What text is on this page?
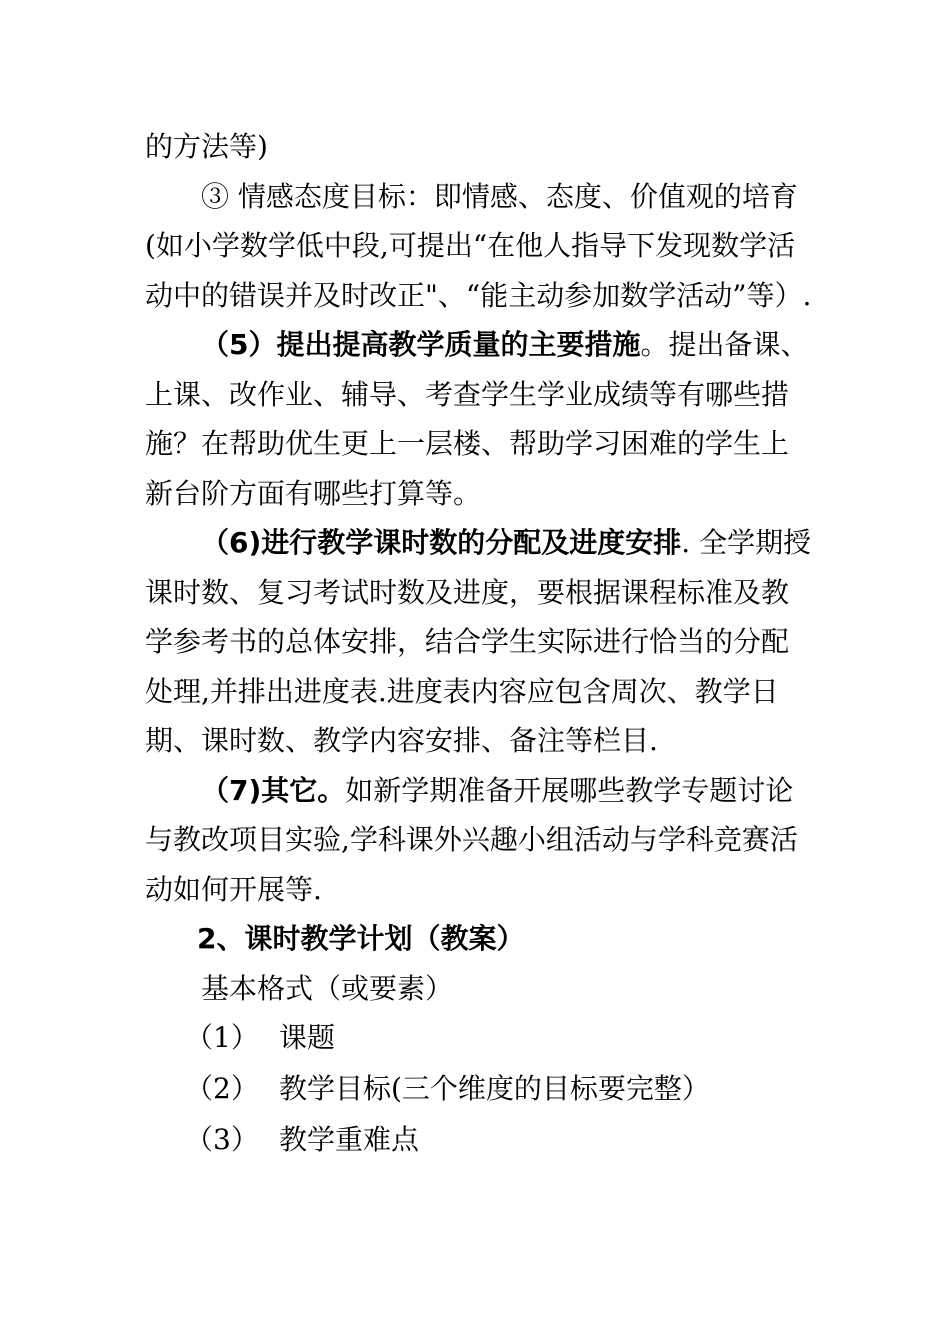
的方法等)

③ 情感态度目标：即情感、态度、价值观的培育(如小学数学低中段,可提出“在他人指导下发现数学活动中的错误并及时改正"、“能主动参加数学活动”等）.

（5）提出提高教学质量的主要措施。提出备课、上课、改作业、辅导、考查学生学业成绩等有哪些措施？在帮助优生更上一层楼、帮助学习困难的学生上新台阶方面有哪些打算等。

（6)进行教学课时数的分配及进度安排. 全学期授课时数、复习考试时数及进度，要根据课程标准及教学参考书的总体安排，结合学生实际进行恰当的分配处理,并排出进度表.进度表内容应包含周次、教学日期、课时数、教学内容安排、备注等栏目.

（7)其它。如新学期准备开展哪些教学专题讨论与教改项目实验,学科课外兴趣小组活动与学科竞赛活动如何开展等.

2、课时教学计划（教案）

基本格式（或要素）

（1） 课题
（2） 教学目标(三个维度的目标要完整）
（3） 教学重难点
